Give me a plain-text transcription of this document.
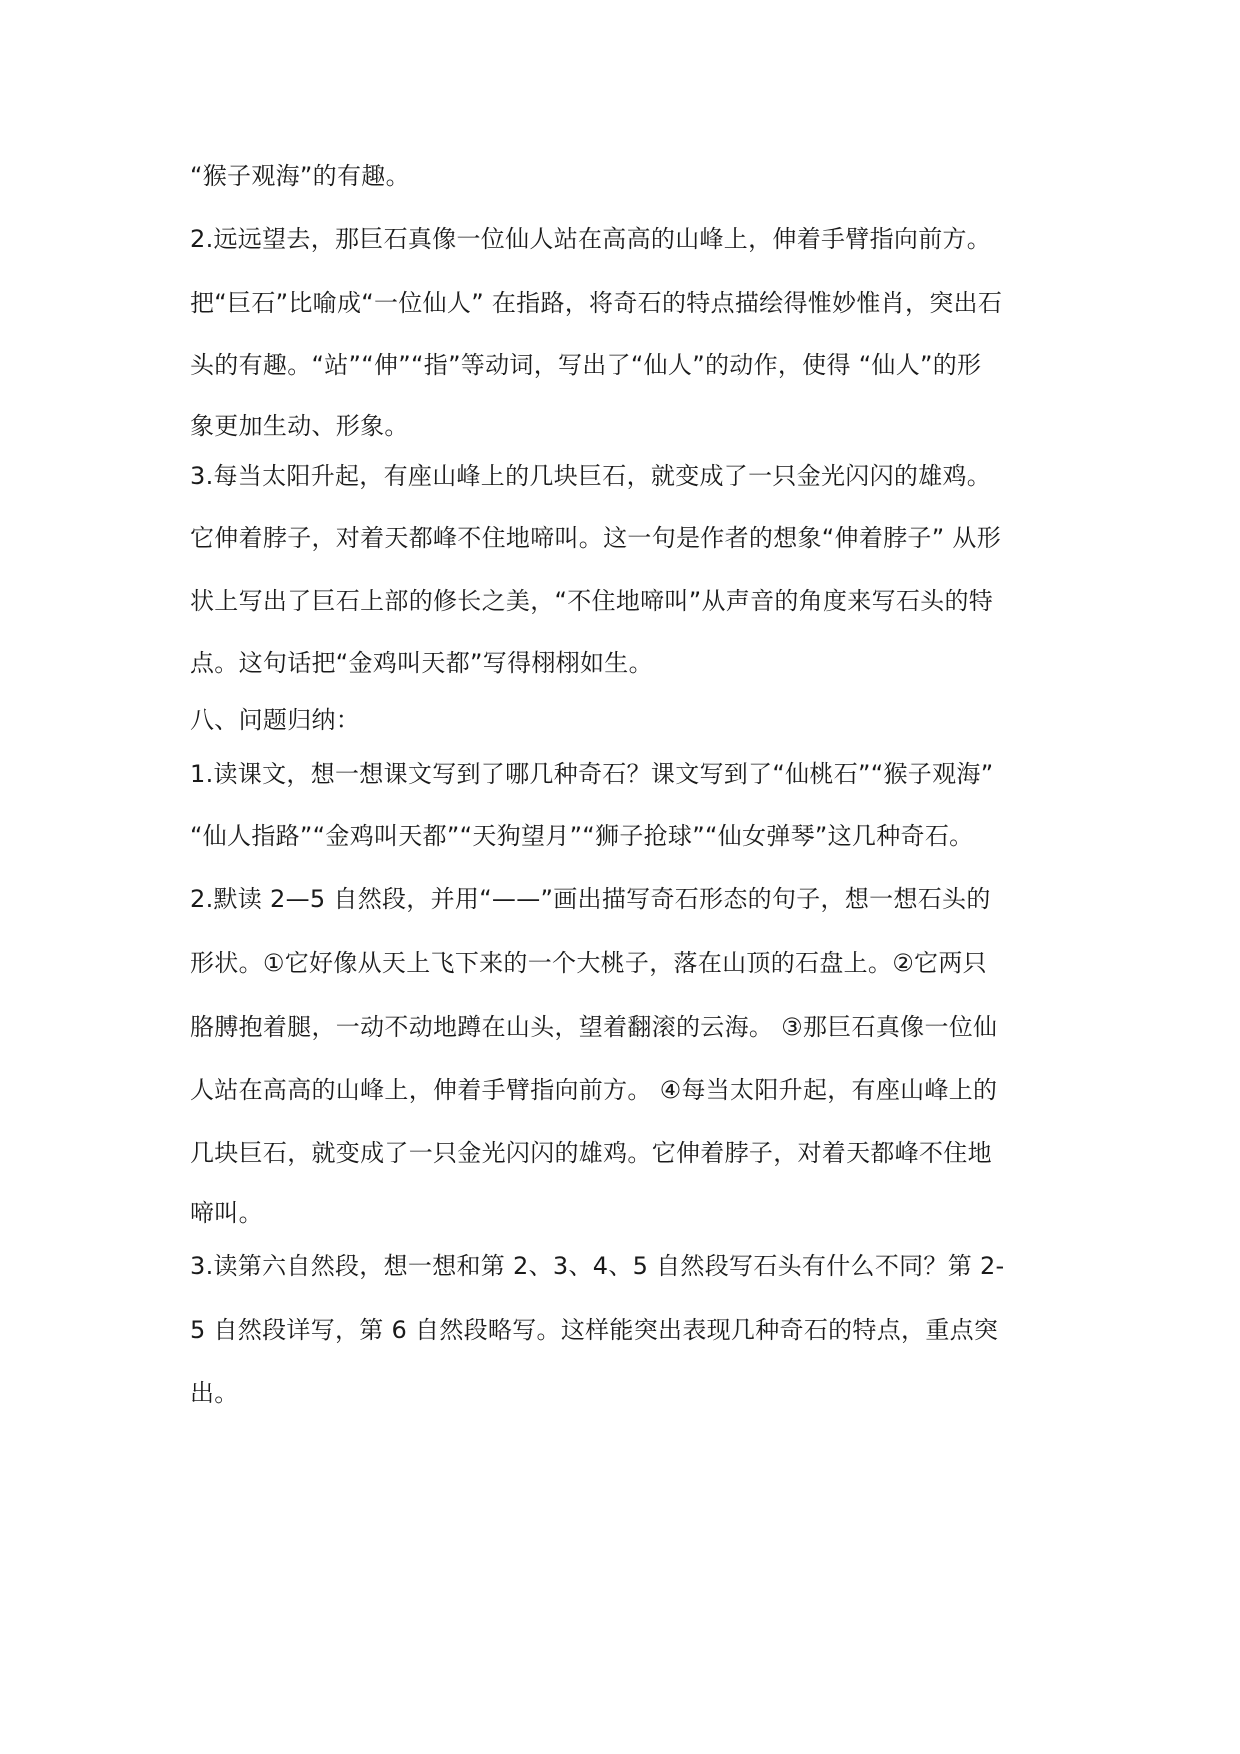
“猴子观海”的有趣。
2.远远望去，那巨石真像一位仙人站在高高的山峰上，伸着手臂指向前方。
把“巨石”比喻成“一位仙人” 在指路，将奇石的特点描绘得惟妙惟肖，突出石
头的有趣。“站”“伸”“指”等动词，写出了“仙人”的动作，使得 “仙人”的形
象更加生动、形象。
3.每当太阳升起，有座山峰上的几块巨石，就变成了一只金光闪闪的雄鸡。
它伸着脖子，对着天都峰不住地啼叫。这一句是作者的想象“伸着脖子” 从形
状上写出了巨石上部的修长之美，“不住地啼叫”从声音的角度来写石头的特
点。这句话把“金鸡叫天都”写得栩栩如生。
八、问题归纳：
1.读课文，想一想课文写到了哪几种奇石？课文写到了“仙桃石”“猴子观海”
“仙人指路”“金鸡叫天都”“天狗望月”“狮子抢球”“仙女弹琴”这几种奇石。
2.默读 2—5 自然段，并用“——”画出描写奇石形态的句子，想一想石头的
形状。①它好像从天上飞下来的一个大桃子，落在山顶的石盘上。②它两只
胳膊抱着腿，一动不动地蹲在山头，望着翻滚的云海。 ③那巨石真像一位仙
人站在高高的山峰上，伸着手臂指向前方。 ④每当太阳升起，有座山峰上的
几块巨石，就变成了一只金光闪闪的雄鸡。它伸着脖子，对着天都峰不住地
啼叫。
3.读第六自然段，想一想和第 2、3、4、5 自然段写石头有什么不同？第 2-
5 自然段详写，第 6 自然段略写。这样能突出表现几种奇石的特点，重点突
出。
